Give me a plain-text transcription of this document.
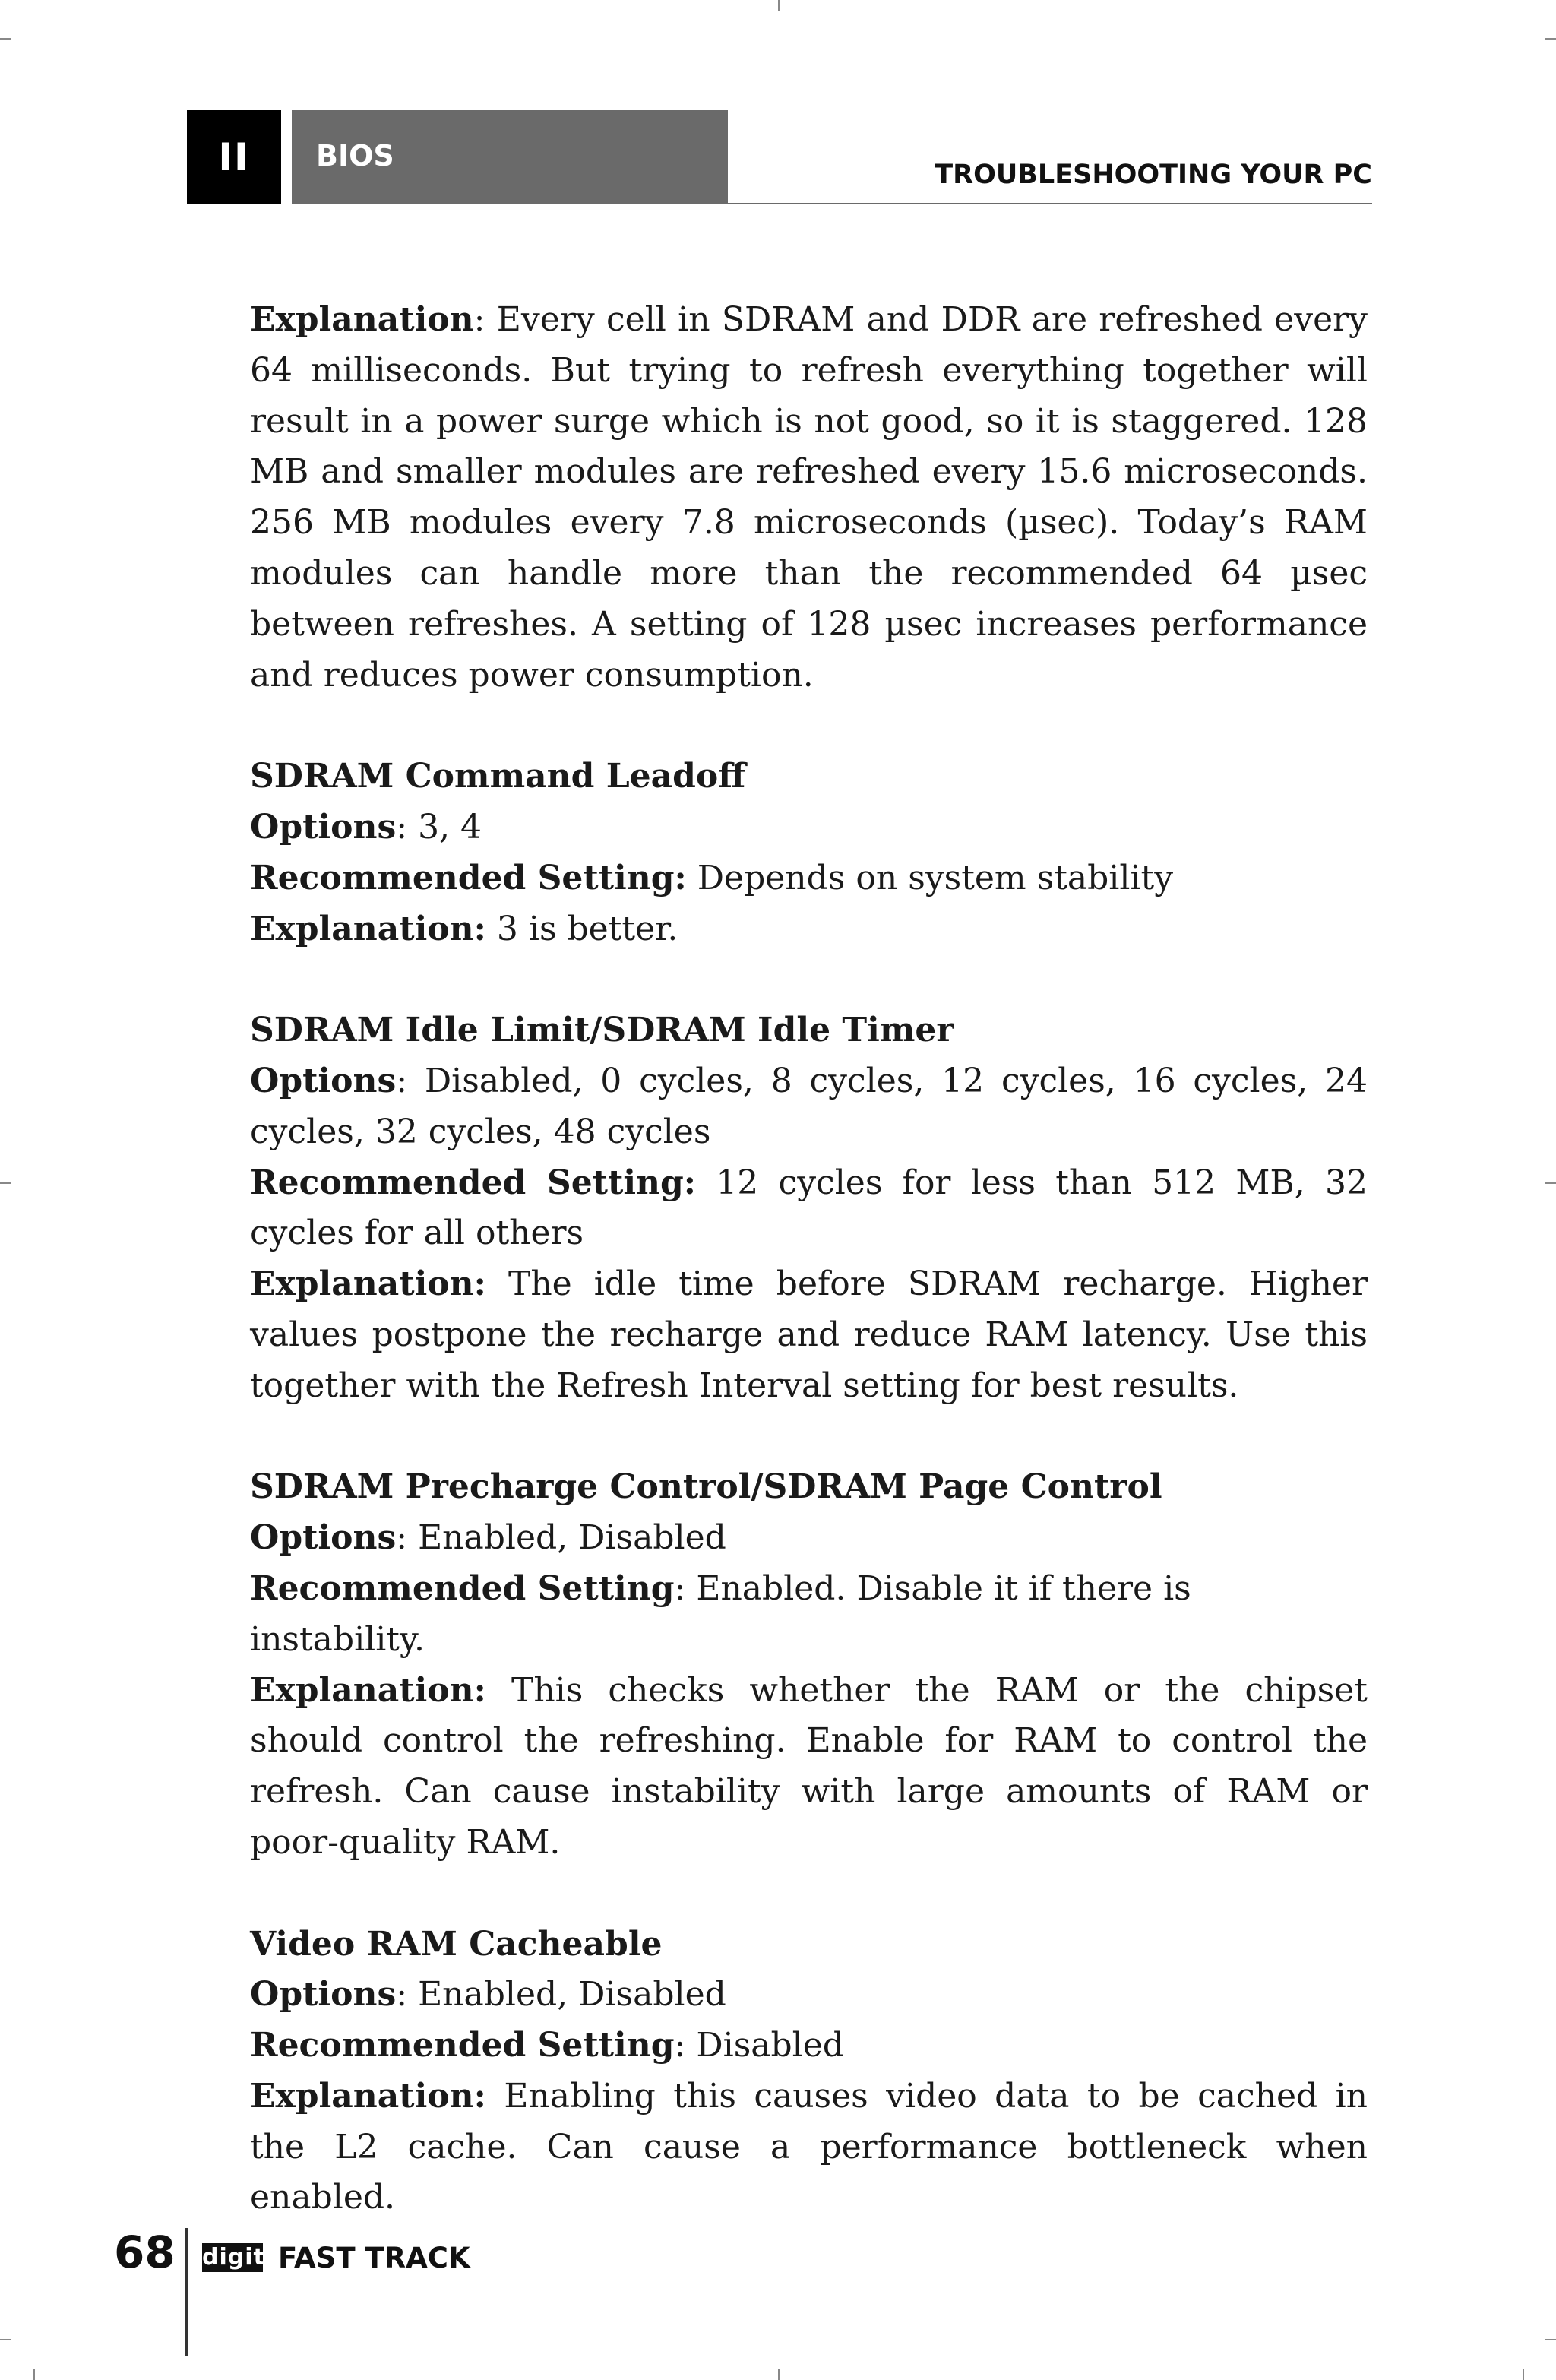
II	BIOS
TROUBLESHOOTING YOUR PC

Explanation: Every cell in SDRAM and DDR are refreshed every 64 milliseconds. But trying to refresh everything together will result in a power surge which is not good, so it is staggered. 128 MB and smaller modules are refreshed every 15.6 microseconds. 256 MB modules every 7.8 microseconds (µsec). Today’s RAM modules can handle more than the recommended 64 µsec between refreshes. A setting of 128 µsec increases performance and reduces power consumption.

SDRAM Command Leadoff

Options: 3, 4

Recommended Setting: Depends on system stability

Explanation: 3 is better.

SDRAM Idle Limit/SDRAM Idle Timer

Options: Disabled, 0 cycles, 8 cycles, 12 cycles, 16 cycles, 24 cycles, 32 cycles, 48 cycles

Recommended Setting: 12 cycles for less than 512 MB, 32 cycles for all others

Explanation: The idle time before SDRAM recharge. Higher values postpone the recharge and reduce RAM latency. Use this together with the Refresh Interval setting for best results.

SDRAM Precharge Control/SDRAM Page Control

Options: Enabled, Disabled

Recommended Setting: Enabled. Disable it if there is instability.

Explanation: This checks whether the RAM or the chipset should control the refreshing. Enable for RAM to control the refresh. Can cause instability with large amounts of RAM or poor-quality RAM.

Video RAM Cacheable

Options: Enabled, Disabled

Recommended Setting: Disabled

Explanation: Enabling this causes video data to be cached in the L2 cache. Can cause a performance bottleneck when enabled.

68 digit FAST TRACK
